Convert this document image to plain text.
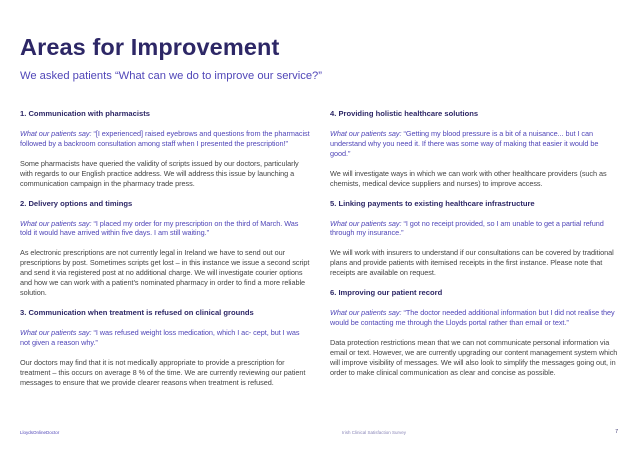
Areas for Improvement
We asked patients “What can we do to improve our service?”
1. Communication with pharmacists

What our patients say: “[I experienced] raised eyebrows and questions from the pharmacist followed by a backroom consultation among staff when I presented the prescription!”

Some pharmacists have queried the validity of scripts issued by our doctors, particularly with regards to our English practice address. We will address this issue by launching a communication campaign in the pharmacy trade press.

2. Delivery options and timings

What our patients say: “I placed my order for my prescription on the third of March. Was told it would have arrived within five days. I am still waiting.”

As electronic prescriptions are not currently legal in Ireland we have to send out our prescriptions by post. Sometimes scripts get lost – in this instance we issue a second script and send it via registered post at no additional charge. We will investigate courier options and how we can work with a patient’s nominated pharmacy in order to find a more reliable solution.

3. Communication when treatment is refused on clinical grounds

What our patients say: “I was refused weight loss medication, which I ac- cept, but I was not given a reason why.”

Our doctors may find that it is not medically appropriate to provide a prescription for treatment – this occurs on average 8 % of the time. We are currently reviewing our patient messages to ensure that we provide clearer reasons when treatment is refused.

4. Providing holistic healthcare solutions

What our patients say: “Getting my blood pressure is a bit of a nuisance... but I can understand why you need it. If there was some way of making that easier it would be good.”

We will investigate ways in which we can work with other healthcare providers (such as chemists, medical device suppliers and nurses) to improve access.

5. Linking payments to existing healthcare infrastructure

What our patients say: “I got no receipt provided, so I am unable to get a partial refund through my insurance.”

We will work with insurers to understand if our consultations can be covered by traditional plans and provide patients with itemised receipts in the first instance. Please note that receipts are available on request.

6. Improving our patient record

What our patients say: “The doctor needed additional information but I did not realise they would be contacting me through the Lloyds portal rather than email or text.”

Data protection restrictions mean that we can not communicate personal information via email or text. However, we are currently upgrading our content management system which will improve visibility of messages. We will also look to simplify the messages going out, in order to make clinical communication as clear and concise as possible.

LloydsOnlineDoctor	Irish Clinical Satisfaction Survey	7
